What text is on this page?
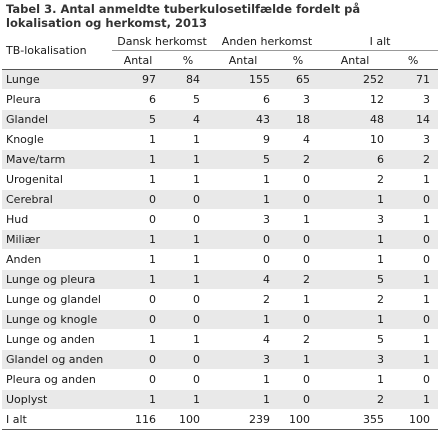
Tabel 3. Antal anmeldte tuberkulosetilfælde fordelt på
lokalisation og herkomst, 2013
TB-lokalisation	Dansk herkomst		Anden herkomst		I alt	
	Antal	%	Antal	%	Antal	%
Lunge	97	84	155	65	252	71
Pleura	6	5	6	3	12	3
Glandel	5	4	43	18	48	14
Knogle	1	1	9	4	10	3
Mave/tarm	1	1	5	2	6	2
Urogenital	1	1	1	0	2	1
Cerebral	0	0	1	0	1	0
Hud	0	0	3	1	3	1
Miliær	1	1	0	0	1	0
Anden	1	1	0	0	1	0
Lunge og pleura	1	1	4	2	5	1
Lunge og glandel	0	0	2	1	2	1
Lunge og knogle	0	0	1	0	1	0
Lunge og anden	1	1	4	2	5	1
Glandel og anden	0	0	3	1	3	1
Pleura og anden	0	0	1	0	1	0
Uoplyst	1	1	1	0	2	1
I alt	116	100	239	100	355	100
